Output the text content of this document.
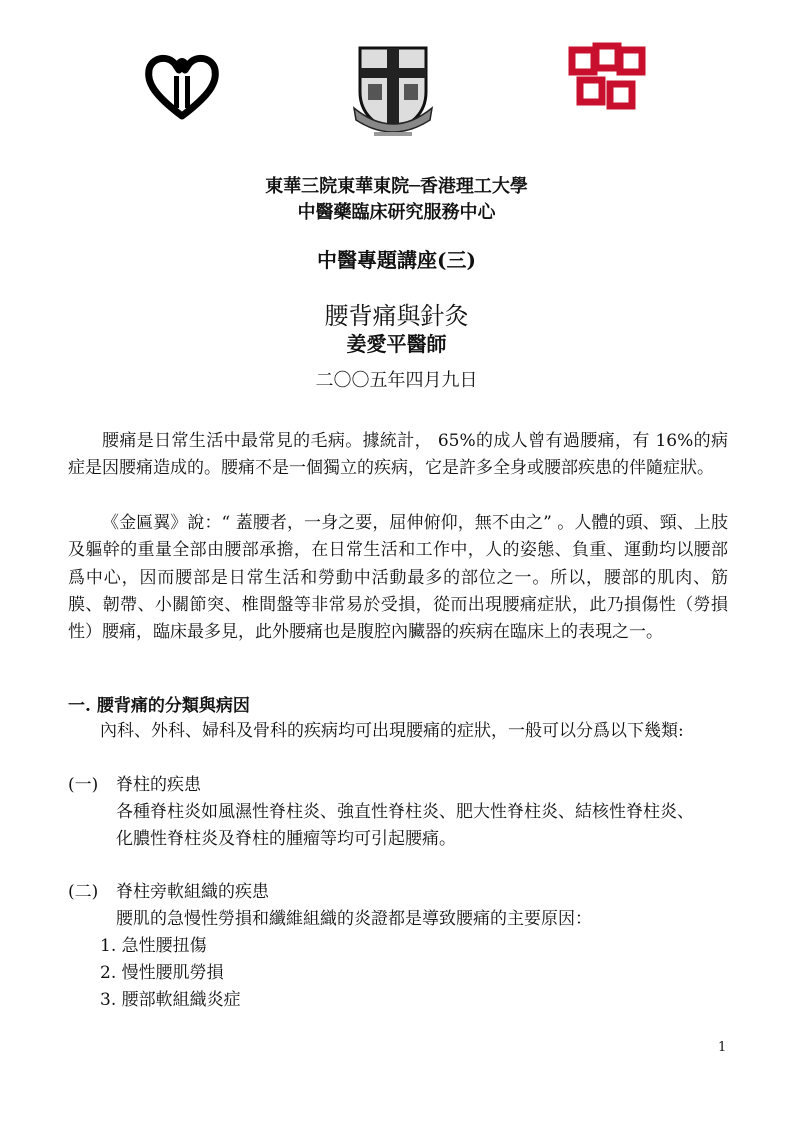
東華三院東華東院─香港理工大學
中醫藥臨床研究服務中心
中醫專題講座(三)
腰背痛與針灸
姜愛平醫師
二〇〇五年四月九日

腰痛是日常生活中最常見的毛病。據統計， 65%的成人曾有過腰痛，有 16%的病症是因腰痛造成的。腰痛不是一個獨立的疾病，它是許多全身或腰部疾患的伴隨症狀。

《金匾翼》說：“ 蓋腰者，一身之要，屈伸俯仰，無不由之” 。人體的頭、頸、上肢及軀幹的重量全部由腰部承擔，在日常生活和工作中，人的姿態、負重、運動均以腰部爲中心，因而腰部是日常生活和勞動中活動最多的部位之一。所以，腰部的肌肉、筋膜、韌帶、小關節突、椎間盤等非常易於受損，從而出現腰痛症狀，此乃損傷性（勞損性）腰痛，臨床最多見，此外腰痛也是腹腔內臟器的疾病在臨床上的表現之一。

一. 腰背痛的分類與病因
內科、外科、婦科及骨科的疾病均可出現腰痛的症狀，一般可以分爲以下幾類:
(一) 脊柱的疾患
各種脊柱炎如風濕性脊柱炎、強直性脊柱炎、肥大性脊柱炎、結核性脊柱炎、
化膿性脊柱炎及脊柱的腫瘤等均可引起腰痛。
(二) 脊柱旁軟組織的疾患
腰肌的急慢性勞損和纖維組織的炎證都是導致腰痛的主要原因：
1. 急性腰扭傷
2. 慢性腰肌勞損
3. 腰部軟組織炎症
1
